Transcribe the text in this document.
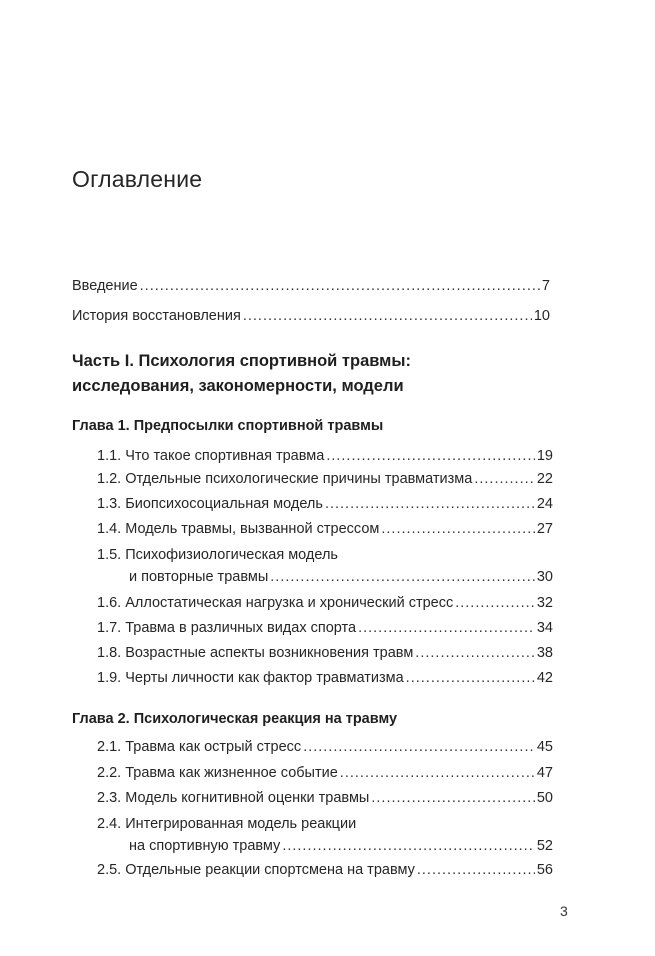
Оглавление
Введение .....	7
История восстановления .....	10
Часть I. Психология спортивной травмы:
исследования, закономерности, модели
Глава 1. Предпосылки спортивной травмы
1.1. Что такое спортивная травма .....	19
1.2. Отдельные психологические причины травматизма .....	22
1.3. Биопсихосоциальная модель .....	24
1.4. Модель травмы, вызванной стрессом .....	27
1.5. Психофизиологическая модель
и повторные травмы .....	30
1.6. Аллостатическая нагрузка и хронический стресс .....	32
1.7. Травма в различных видах спорта .....	34
1.8. Возрастные аспекты возникновения травм .....	38
1.9. Черты личности как фактор травматизма .....	42
Глава 2. Психологическая реакция на травму
2.1. Травма как острый стресс .....	45
2.2. Травма как жизненное событие .....	47
2.3. Модель когнитивной оценки травмы .....	50
2.4. Интегрированная модель реакции
на спортивную травму .....	52
2.5. Отдельные реакции спортсмена на травму .....	56
3
